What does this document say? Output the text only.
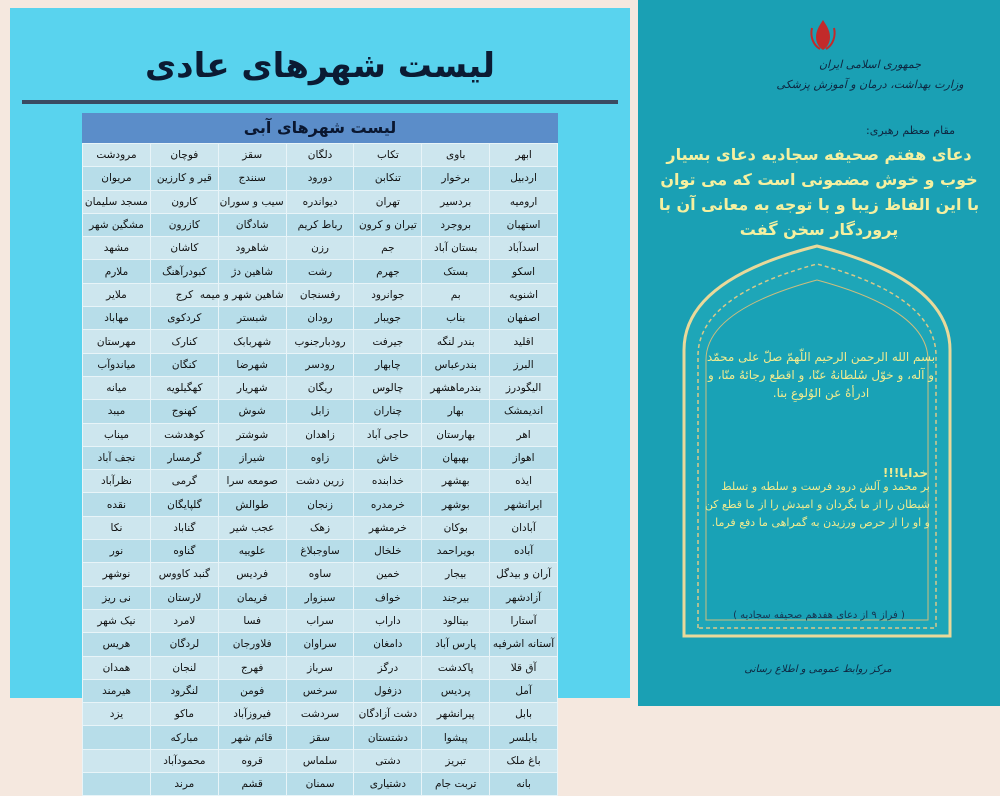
لیست شهرهای عادی
لیست شهرهای آبی
ابهر	باوی	تکاب	دلگان	سقز	فوچان	مرودشت
اردبیل	برخوار	تنکابن	دورود	سنندج	قیر و کارزین	مریوان
ارومیه	بردسیر	تهران	دیواندره	سیب و سوران	کارون	مسجد سلیمان
استهبان	بروجرد	تیران و کرون	رباط کریم	شادگان	کازرون	مشگین شهر
اسدآباد	بستان آباد	جم	رزن	شاهرود	کاشان	مشهد
اسکو	بستک	جهرم	رشت	شاهین دژ	کبودرآهنگ	ملارم
اشنویه	بم	جوانرود	رفسنجان	شاهین شهر و میمه	کرج	ملایر
اصفهان	بناب	جویبار	رودان	شبستر	کردکوی	مهاباد
اقلید	بندر لنگه	جیرفت	رودبارجنوب	شهربابک	کنارک	مهرستان
البرز	بندرعباس	چابهار	رودسر	شهرضا	کنگان	میاندوآب
الیگودرز	بندرماهشهر	چالوس	ریگان	شهریار	کهگیلویه	میانه
اندیمشک	بهار	چناران	زابل	شوش	کهنوج	میبد
اهر	بهارستان	حاجی آباد	زاهدان	شوشتر	کوهدشت	میناب
اهواز	بهبهان	خاش	زاوه	شیراز	گرمسار	نجف آباد
ایذه	بهشهر	خدابنده	زرین دشت	صومعه سرا	گرمی	نظرآباد
ایرانشهر	بوشهر	خرمدره	زنجان	طوالش	گلپایگان	نقده
آبادان	بوکان	خرمشهر	زهک	عجب شیر	گناباد	نکا
آباده	بویراحمد	خلخال	ساوجبلاغ	علوییه	گناوه	نور
آران و بیدگل	بیجار	خمین	ساوه	فردیس	گنبد کاووس	نوشهر
آزادشهر	بیرجند	خواف	سبزوار	فریمان	لارستان	نی ریز
آستارا	بینالود	داراب	سراب	فسا	لامرد	نیک شهر
آستانه اشرفیه	پارس آباد	دامغان	سراوان	فلاورجان	لردگان	هریس
آق قلا	پاکدشت	درگز	سرباز	فهرج	لنجان	همدان
آمل	پردیس	دزفول	سرخس	فومن	لنگرود	هیرمند
بابل	پیرانشهر	دشت آزادگان	سردشت	فیروزآباد	ماکو	یزد
بابلسر	پیشوا	دشتستان	سقز	قائم شهر	مبارکه	
باغ ملک	تبریز	دشتی	سلماس	قروه	محمودآباد	
بانه	تربت جام	دشتیاری	سمنان	قشم	مرند	
جمهوری اسلامی ایران
وزارت بهداشت، درمان و آموزش پزشکی
مقام معظم رهبری:
دعای هفتم صحیفه سجادیه دعای بسیار خوب و خوش مضمونی است که می توان با این الفاظ زیبا و با توجه به معانی آن با پروردگار سخن گفت
بسم الله الرحمن الرحیم اللّهمّ صلّ علی محمّد و آله، و خوّل سُلطانهُ عنّا، و اقطع رجائهُ منّا، و ادرأهُ عن الوُلوعِ بنا.
خدایا!!!
بر محمد و آلش درود فرست و سلطه و تسلط شیطان را از ما بگردان و امیدش را از ما قطع کن و او را از حرص ورزیدن به گمراهی ما دفع فرما.
( فراز ۹ از دعای هفدهم صحیفه سجادیه )
مرکز روابط عمومی و اطلاع رسانی
